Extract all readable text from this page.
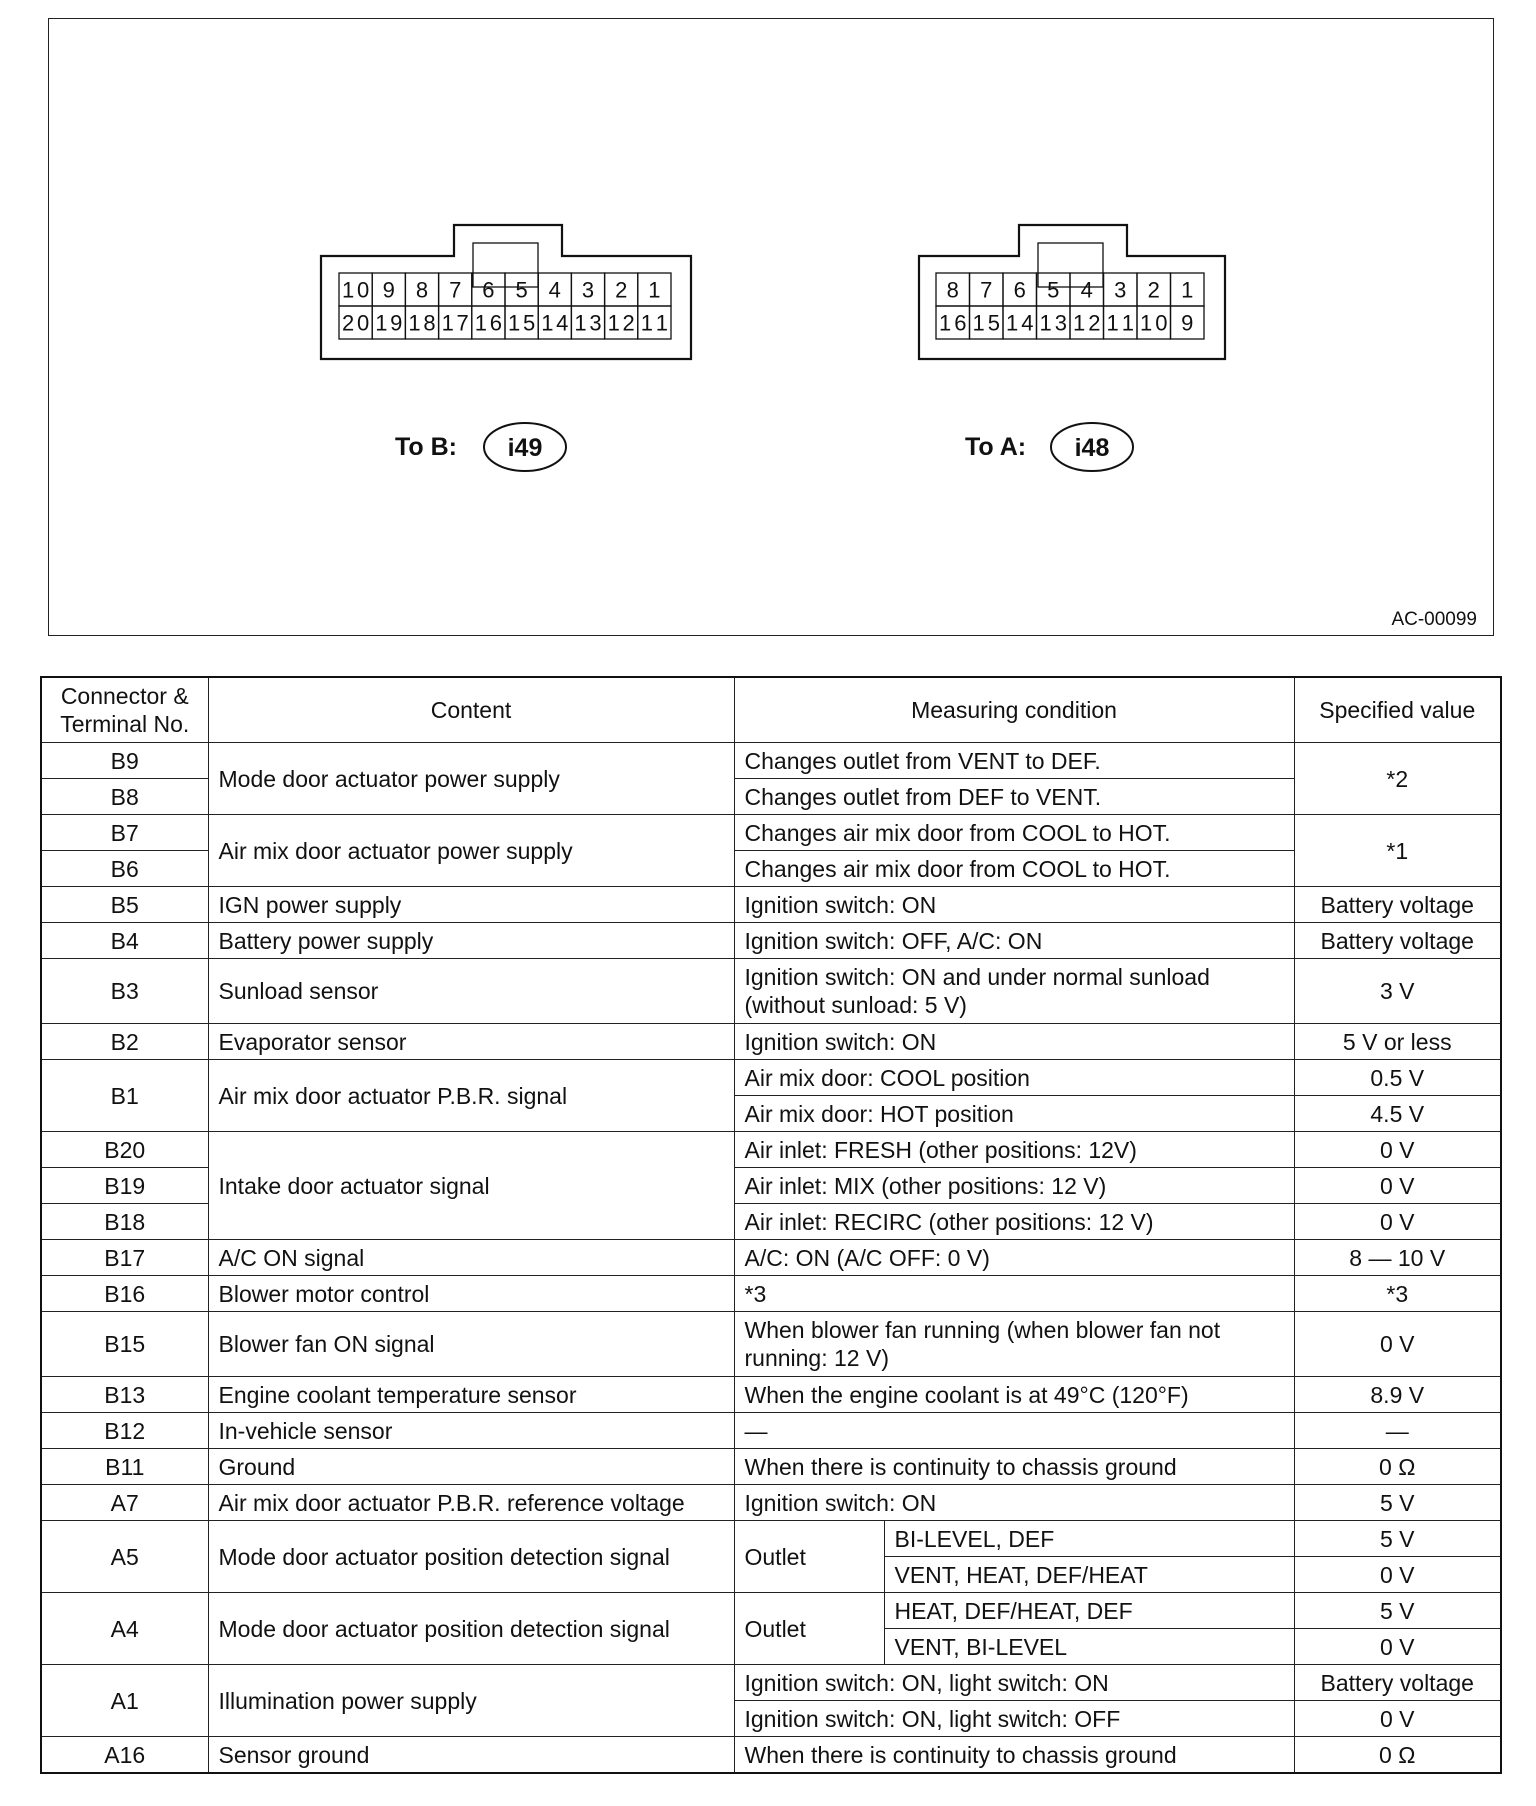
10 9 8 7 6 5 4 3 2 1
20 19 18 17 16 15 14 13 12 11
To B: i49
8 7 6 5 4 3 2 1
16 15 14 13 12 11 10 9
To A: i48
AC-00099
Connector & Terminal No.	Content	Measuring condition		Specified value
B9	Mode door actuator power supply	Changes outlet from VENT to DEF.		*2
B8		Changes outlet from DEF to VENT.		
B7	Air mix door actuator power supply	Changes air mix door from COOL to HOT.		*1
B6		Changes air mix door from COOL to HOT.		
B5	IGN power supply	Ignition switch: ON		Battery voltage
B4	Battery power supply	Ignition switch: OFF, A/C: ON		Battery voltage
B3	Sunload sensor	Ignition switch: ON and under normal sunload (without sunload: 5 V)		3 V
B2	Evaporator sensor	Ignition switch: ON		5 V or less
B1	Air mix door actuator P.B.R. signal	Air mix door: COOL position		0.5 V
		Air mix door: HOT position		4.5 V
B20	Intake door actuator signal	Air inlet: FRESH (other positions: 12V)		0 V
B19		Air inlet: MIX (other positions: 12 V)		0 V
B18		Air inlet: RECIRC (other positions: 12 V)		0 V
B17	A/C ON signal	A/C: ON (A/C OFF: 0 V)		8 — 10 V
B16	Blower motor control	*3		*3
B15	Blower fan ON signal	When blower fan running (when blower fan not running: 12 V)		0 V
B13	Engine coolant temperature sensor	When the engine coolant is at 49°C (120°F)		8.9 V
B12	In-vehicle sensor	—		—
B11	Ground	When there is continuity to chassis ground		0 Ω
A7	Air mix door actuator P.B.R. reference voltage	Ignition switch: ON		5 V
A5	Mode door actuator position detection signal	Outlet	BI-LEVEL, DEF	5 V
			VENT, HEAT, DEF/HEAT	0 V
A4	Mode door actuator position detection signal	Outlet	HEAT, DEF/HEAT, DEF	5 V
			VENT, BI-LEVEL	0 V
A1	Illumination power supply	Ignition switch: ON, light switch: ON		Battery voltage
		Ignition switch: ON, light switch: OFF		0 V
A16	Sensor ground	When there is continuity to chassis ground		0 Ω
